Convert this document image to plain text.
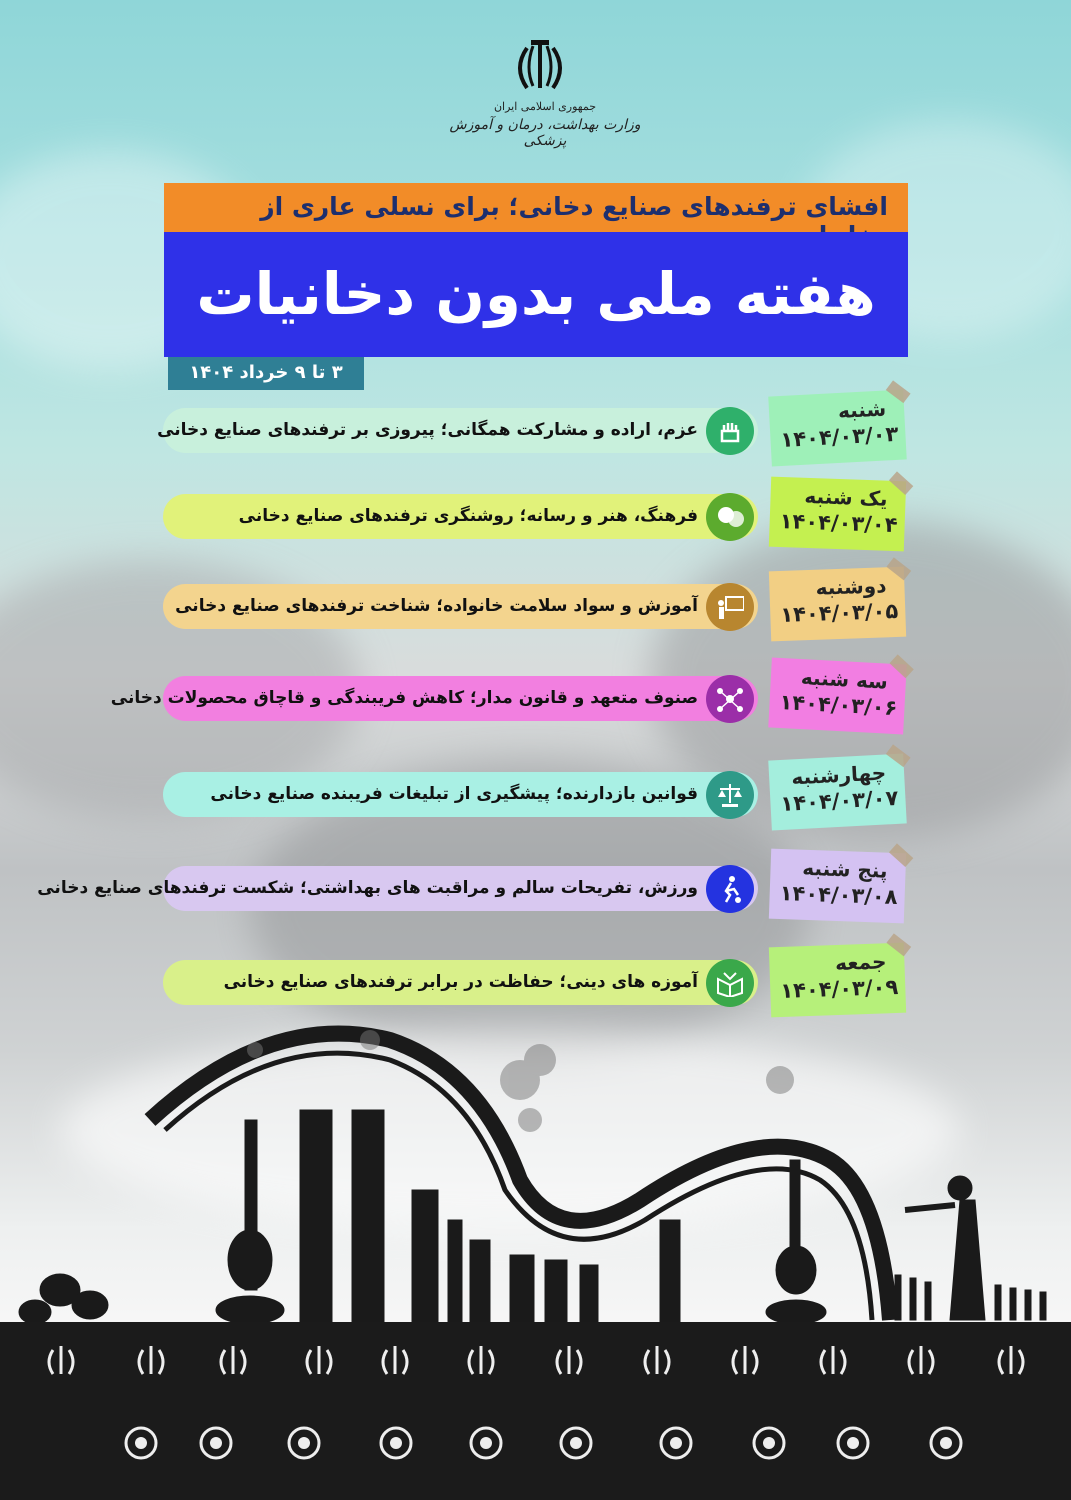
جمهوری اسلامی ایران
وزارت بهداشت، درمان و آموزش پزشکی
افشای ترفندهای صنایع دخانی؛ برای نسلی عاری از
هفته ملی بدون دخانیات
۳ تا ۹ خرداد ۱۴۰۴
عزم، اراده و مشارکت همگانی؛ پیروزی بر ترفندهای صنایع دخانی
شنبه
۱۴۰۴/۰۳/۰۳
فرهنگ، هنر و رسانه؛ روشنگری ترفندهای صنایع دخانی
یک شنبه
۱۴۰۴/۰۳/۰۴
آموزش و سواد سلامت خانواده؛ شناخت ترفندهای صنایع دخانی
دوشنبه
۱۴۰۴/۰۳/۰۵
صنوف متعهد و قانون مدار؛ کاهش فریبندگی و قاچاق محصولات دخانی
سه شنبه
۱۴۰۴/۰۳/۰۶
قوانین بازدارنده؛ پیشگیری از تبلیغات فریبنده صنایع دخانی
چهارشنبه
۱۴۰۴/۰۳/۰۷
ورزش، تفریحات سالم و مراقبت های بهداشتی؛ شکست ترفندهای صنایع دخانی
پنج شنبه
۱۴۰۴/۰۳/۰۸
آموزه های دینی؛ حفاظت در برابر ترفندهای صنایع دخانی
جمعه
۱۴۰۴/۰۳/۰۹
